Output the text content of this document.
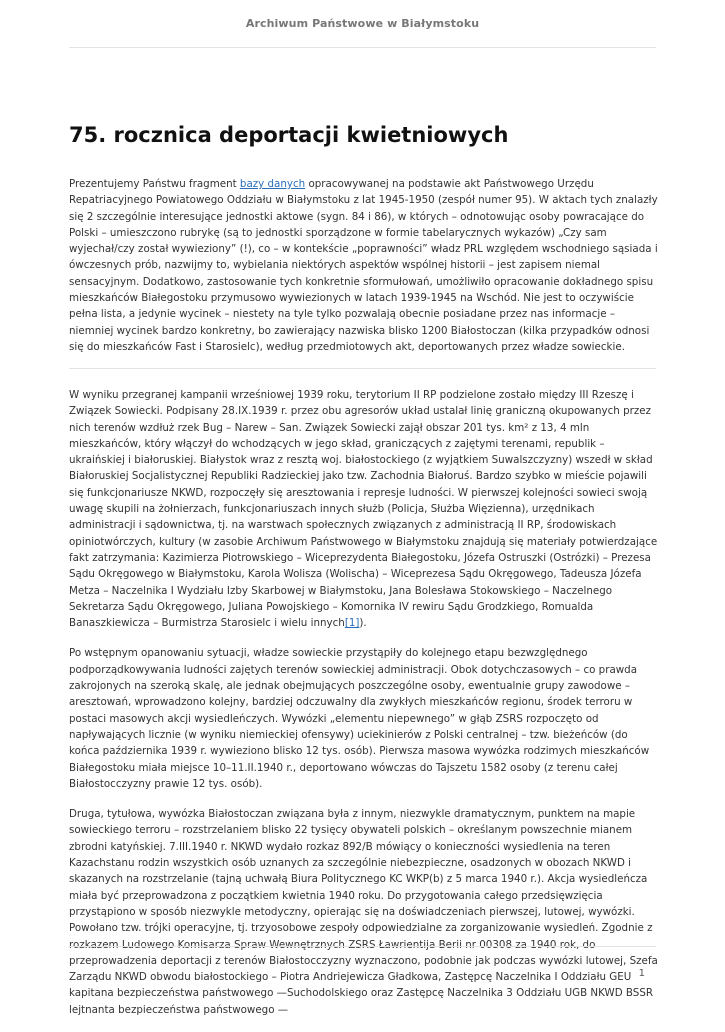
Archiwum Państwowe w Białymstoku
75. rocznica deportacji kwietniowych

Prezentujemy Państwu fragment bazy danych opracowywanej na podstawie akt Państwowego Urzędu Repatriacyjnego Powiatowego Oddziału w Białymstoku z lat 1945-1950 (zespół numer 95). W aktach tych znalazły się 2 szczególnie interesujące jednostki aktowe (sygn. 84 i 86), w których – odnotowując osoby powracające do Polski – umieszczono rubrykę (są to jednostki sporządzone w formie tabelarycznych wykazów) „Czy sam wyjechał/czy został wywieziony” (!), co – w kontekście „poprawności” władz PRL względem wschodniego sąsiada i ówczesnych prób, nazwijmy to, wybielania niektórych aspektów wspólnej historii – jest zapisem niemal sensacyjnym. Dodatkowo, zastosowanie tych konkretnie sformułowań, umożliwiło opracowanie dokładnego spisu mieszkańców Białegostoku przymusowo wywiezionych w latach 1939-1945 na Wschód. Nie jest to oczywiście pełna lista, a jedynie wycinek – niestety na tyle tylko pozwalają obecnie posiadane przez nas informacje – niemniej wycinek bardzo konkretny, bo zawierający nazwiska blisko 1200 Białostoczan (kilka przypadków odnosi się do mieszkańców Fast i Starosielc), według przedmiotowych akt, deportowanych przez władze sowieckie.

W wyniku przegranej kampanii wrześniowej 1939 roku, terytorium II RP podzielone zostało między III Rzeszę i Związek Sowiecki. Podpisany 28.IX.1939 r. przez obu agresorów układ ustalał linię graniczną okupowanych przez nich terenów wzdłuż rzek Bug – Narew – San. Związek Sowiecki zajął obszar 201 tys. km² z 13, 4 mln mieszkańców, który włączył do wchodzących w jego skład, graniczących z zajętymi terenami, republik – ukraińskiej i białoruskiej. Białystok wraz z resztą woj. białostockiego (z wyjątkiem Suwalszczyzny) wszedł w skład Białoruskiej Socjalistycznej Republiki Radzieckiej jako tzw. Zachodnia Białoruś. Bardzo szybko w mieście pojawili się funkcjonariusze NKWD, rozpoczęły się aresztowania i represje ludności. W pierwszej kolejności sowieci swoją uwagę skupili na żołnierzach, funkcjonariuszach innych służb (Policja, Służba Więzienna), urzędnikach administracji i sądownictwa, tj. na warstwach społecznych związanych z administracją II RP, środowiskach opiniotwórczych, kultury (w zasobie Archiwum Państwowego w Białymstoku znajdują się materiały potwierdzające fakt zatrzymania: Kazimierza Piotrowskiego – Wiceprezydenta Białegostoku, Józefa Ostruszki (Ostrózki) – Prezesa Sądu Okręgowego w Białymstoku, Karola Wolisza (Wolischa) – Wiceprezesa Sądu Okręgowego, Tadeusza Józefa Metza – Naczelnika I Wydziału Izby Skarbowej w Białymstoku, Jana Bolesława Stokowskiego – Naczelnego Sekretarza Sądu Okręgowego, Juliana Powojskiego – Komornika IV rewiru Sądu Grodzkiego, Romualda Banaszkiewicza – Burmistrza Starosielc i wielu innych[1]).

Po wstępnym opanowaniu sytuacji, władze sowieckie przystąpiły do kolejnego etapu bezwzględnego podporządkowywania ludności zajętych terenów sowieckiej administracji. Obok dotychczasowych – co prawda zakrojonych na szeroką skalę, ale jednak obejmujących poszczególne osoby, ewentualnie grupy zawodowe – aresztowań, wprowadzono kolejny, bardziej odczuwalny dla zwykłych mieszkańców regionu, środek terroru w postaci masowych akcji wysiedleńczych. Wywózki „elementu niepewnego” w głąb ZSRS rozpoczęto od napływających licznie (w wyniku niemieckiej ofensywy) uciekinierów z Polski centralnej – tzw. bieżeńców (do końca października 1939 r. wywieziono blisko 12 tys. osób). Pierwsza masowa wywózka rodzimych mieszkańców Białegostoku miała miejsce 10–11.II.1940 r., deportowano wówczas do Tajszetu 1582 osoby (z terenu całej Białostocczyzny prawie 12 tys. osób).

Druga, tytułowa, wywózka Białostoczan związana była z innym, niezwykle dramatycznym, punktem na mapie sowieckiego terroru – rozstrzelaniem blisko 22 tysięcy obywateli polskich – określanym powszechnie mianem zbrodni katyńskiej. 7.III.1940 r. NKWD wydało rozkaz 892/B mówiący o konieczności wysiedlenia na teren Kazachstanu rodzin wszystkich osób uznanych za szczególnie niebezpieczne, osadzonych w obozach NKWD i skazanych na rozstrzelanie (tajną uchwałą Biura Politycznego KC WKP(b) z 5 marca 1940 r.). Akcja wysiedleńcza miała być przeprowadzona z początkiem kwietnia 1940 roku. Do przygotowania całego przedsięwzięcia przystąpiono w sposób niezwykle metodyczny, opierając się na doświadczeniach pierwszej, lutowej, wywózki. Powołano tzw. trójki operacyjne, tj. trzyosobowe zespoły odpowiedzialne za zorganizowanie wysiedleń. Zgodnie z rozkazem Ludowego Komisarza Spraw Wewnętrznych ZSRS Ławrientija Berii nr 00308 za 1940 rok, do przeprowadzenia deportacji z terenów Białostocczyzny wyznaczono, podobnie jak podczas wywózki lutowej, Szefa Zarządu NKWD obwodu białostockiego – Piotra Andriejewicza Gładkowa, Zastępcę Naczelnika I Oddziału GEU kapitana bezpieczeństwa państwowego —Suchodolskiego oraz Zastępcę Naczelnika 3 Oddziału UGB NKWD BSSR lejtnanta bezpieczeństwa państwowego —

1
